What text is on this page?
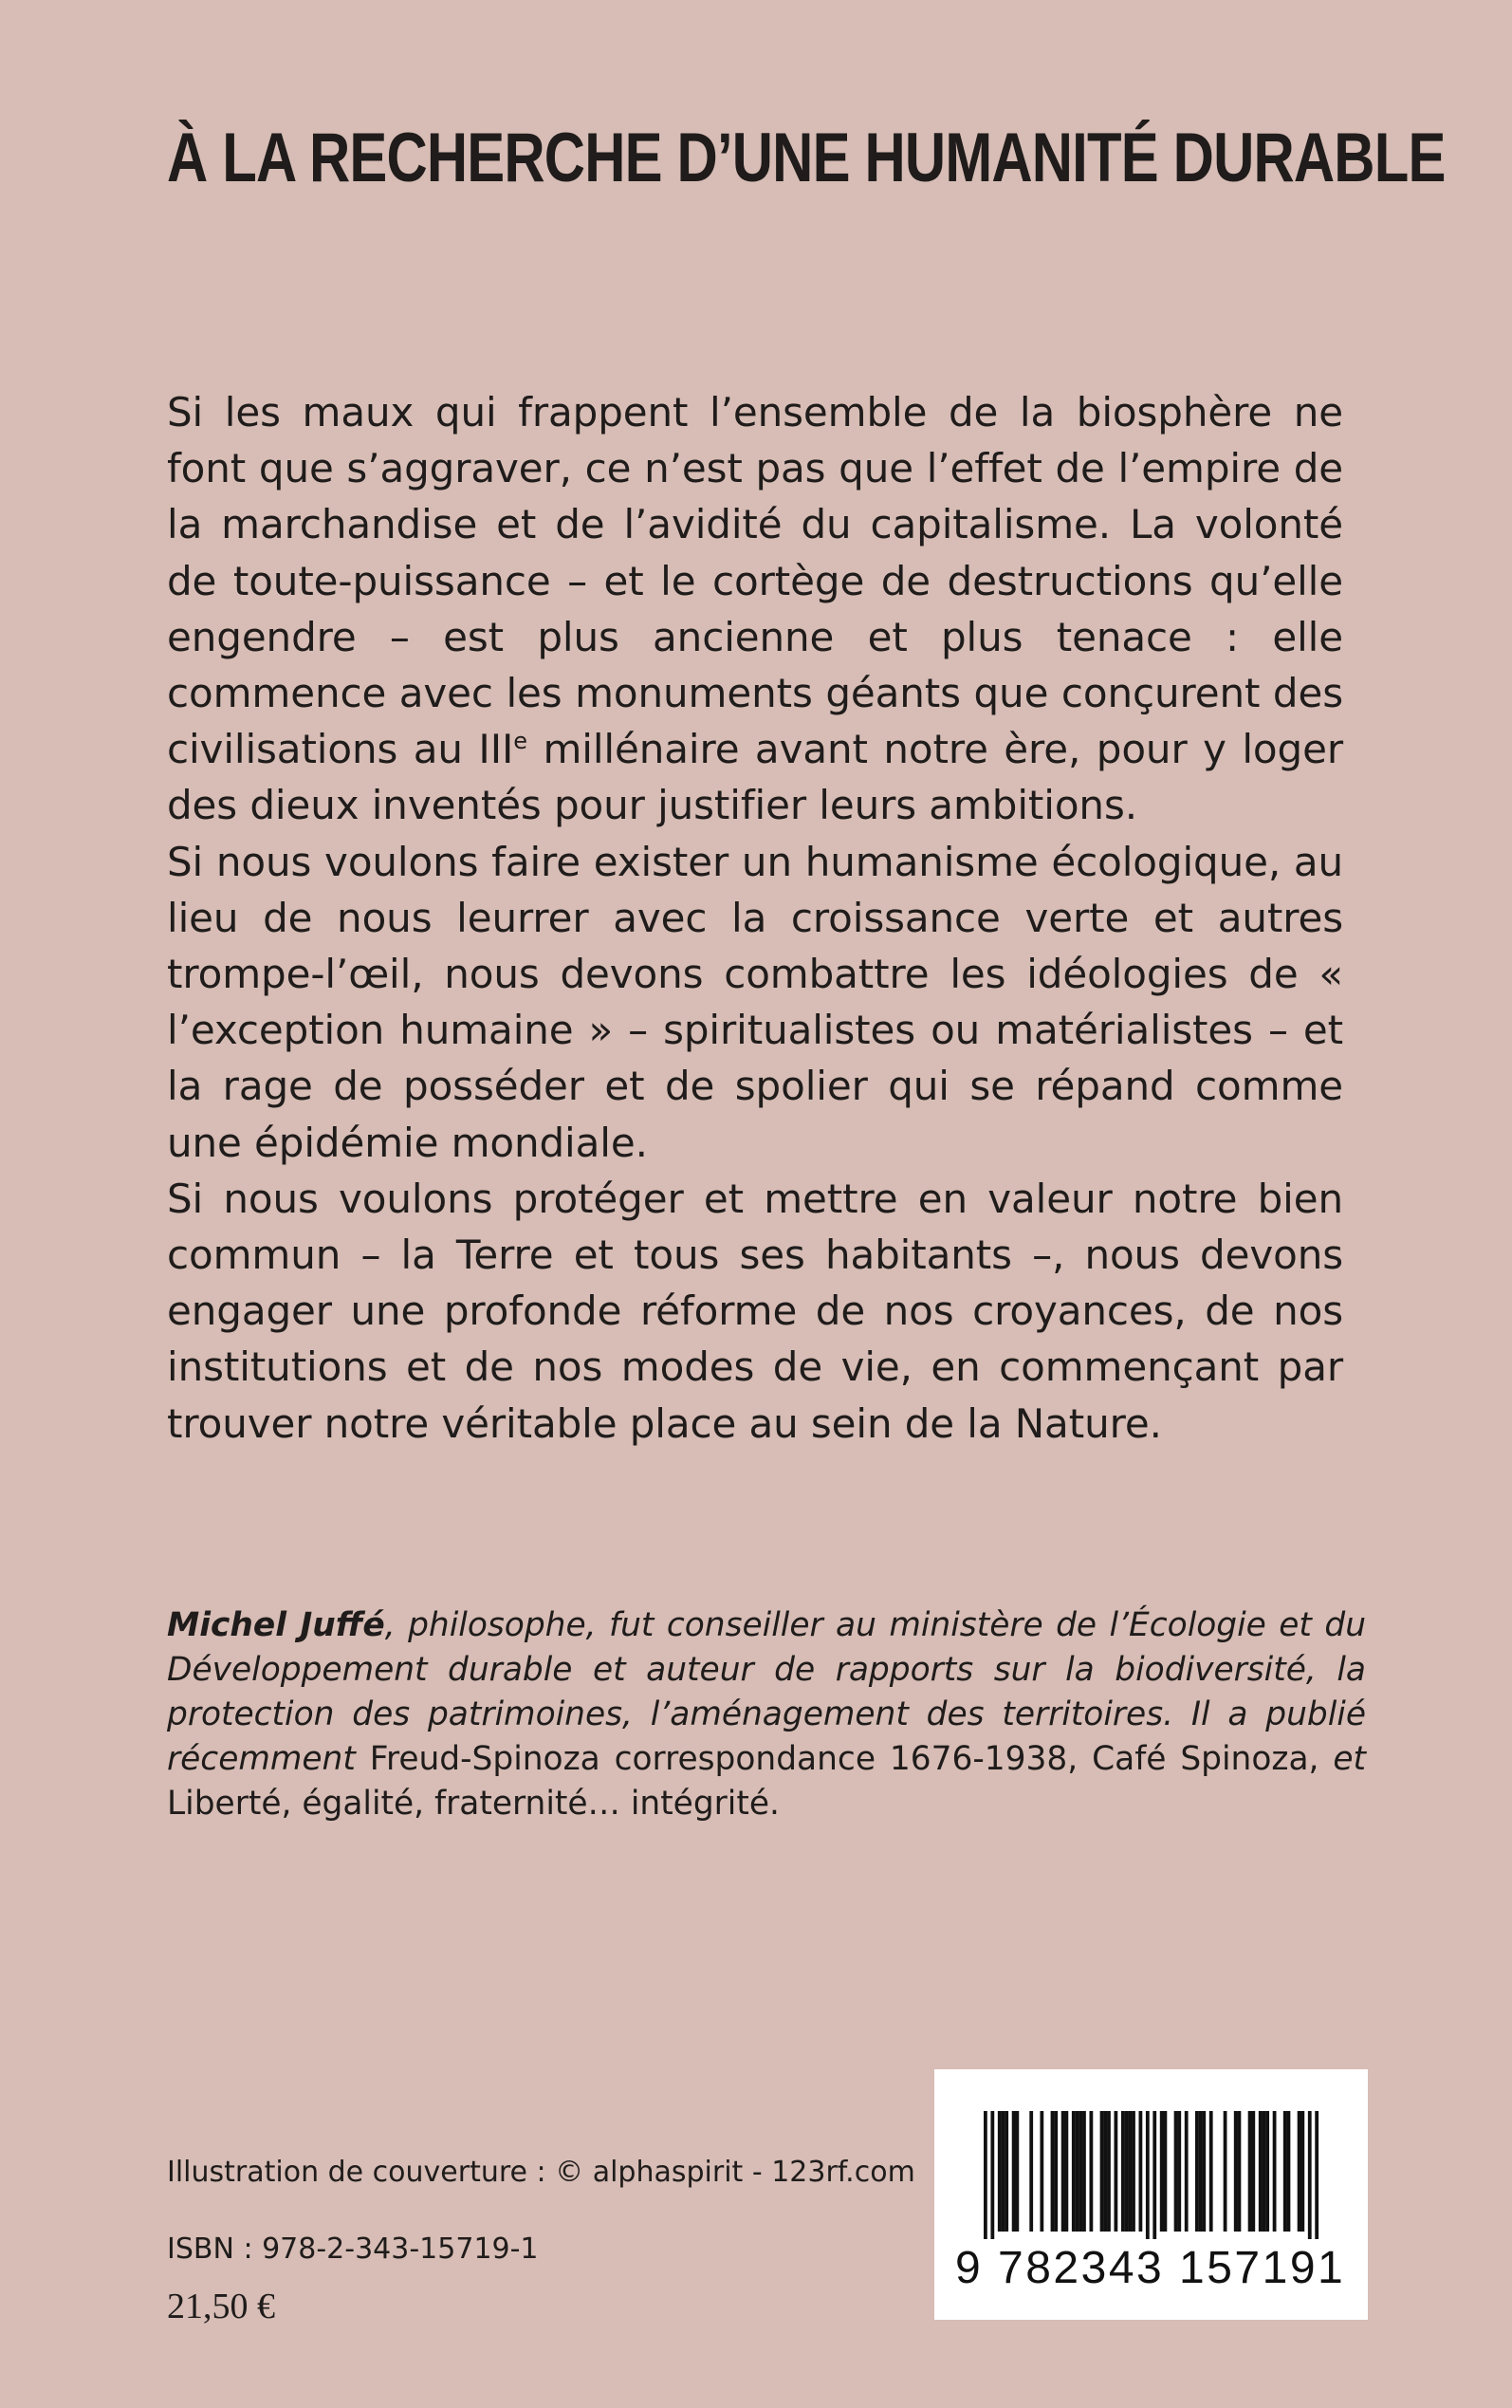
À LA RECHERCHE D’UNE HUMANITÉ DURABLE

Si les maux qui frappent l’ensemble de la biosphère ne font que s’aggraver, ce n’est pas que l’effet de l’empire de la marchandise et de l’avidité du capitalisme. La volonté de toute-puissance – et le cortège de destructions qu’elle engendre – est plus ancienne et plus tenace : elle commence avec les monuments géants que conçurent des civilisations au IIIe millénaire avant notre ère, pour y loger des dieux inventés pour justifier leurs ambitions.

Si nous voulons faire exister un humanisme écologique, au lieu de nous leurrer avec la croissance verte et autres trompe-l’œil, nous devons combattre les idéologies de « l’exception humaine » – spiritualistes ou matérialistes – et la rage de posséder et de spolier qui se répand comme une épidémie mondiale.

Si nous voulons protéger et mettre en valeur notre bien commun – la Terre et tous ses habitants –, nous devons engager une profonde réforme de nos croyances, de nos institutions et de nos modes de vie, en commençant par trouver notre véritable place au sein de la Nature.

Michel Juffé, philosophe, fut conseiller au ministère de l’Écologie et du Développement durable et auteur de rapports sur la biodiversité, la protection des patrimoines, l’aménagement des territoires. Il a publié récemment Freud-Spinoza correspondance 1676-1938, Café Spinoza, et Liberté, égalité, fraternité… intégrité.
Illustration de couverture : © alphaspirit - 123rf.com
ISBN : 978-2-343-15719-1
21,50 €
9 782343 157191
